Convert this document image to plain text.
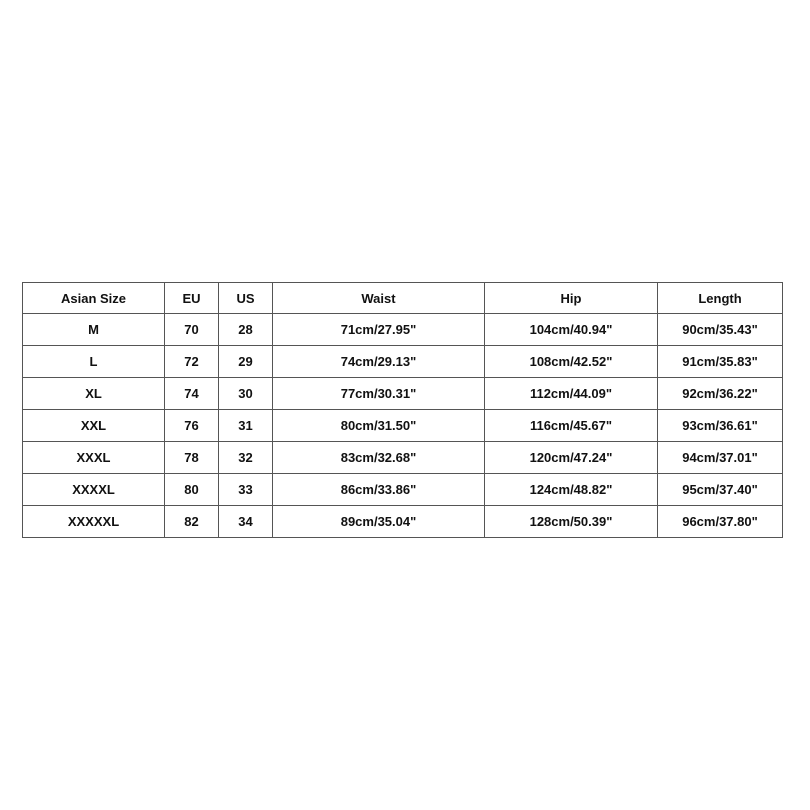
Asian Size	EU	US	Waist	Hip	Length
M	70	28	71cm/27.95"	104cm/40.94"	90cm/35.43"
L	72	29	74cm/29.13"	108cm/42.52"	91cm/35.83"
XL	74	30	77cm/30.31"	112cm/44.09"	92cm/36.22"
XXL	76	31	80cm/31.50"	116cm/45.67"	93cm/36.61"
XXXL	78	32	83cm/32.68"	120cm/47.24"	94cm/37.01"
XXXXL	80	33	86cm/33.86"	124cm/48.82"	95cm/37.40"
XXXXXL	82	34	89cm/35.04"	128cm/50.39"	96cm/37.80"
